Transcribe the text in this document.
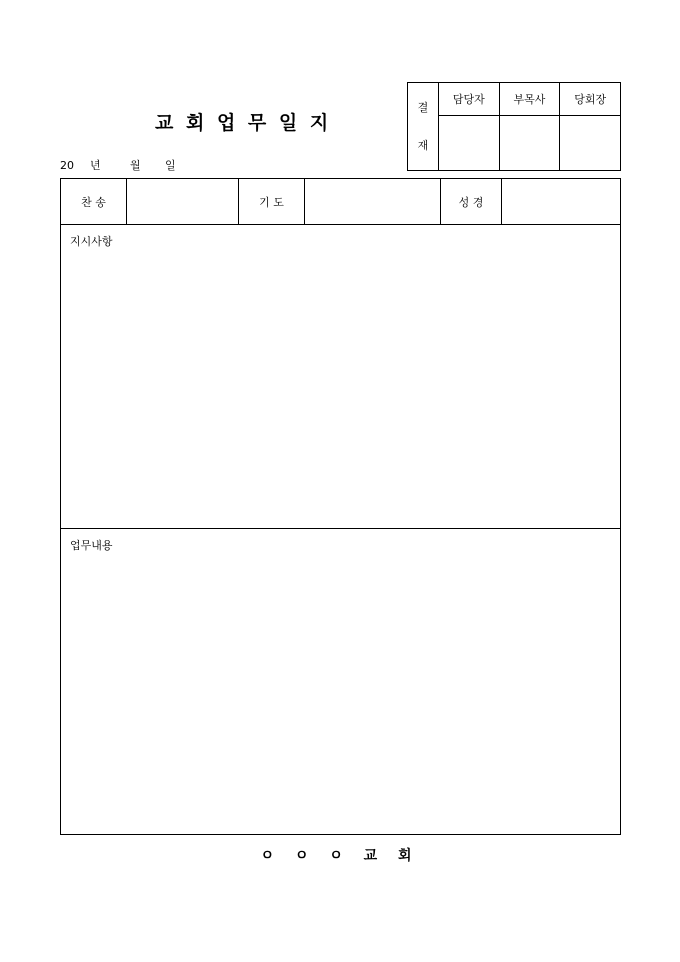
교 회 업 무 일 지
20 년	월 일
결
재	담당자	부목사	당회장

찬 송	기 도	성 경
지시사항
업무내용
ㅇ ㅇ ㅇ 교 회
